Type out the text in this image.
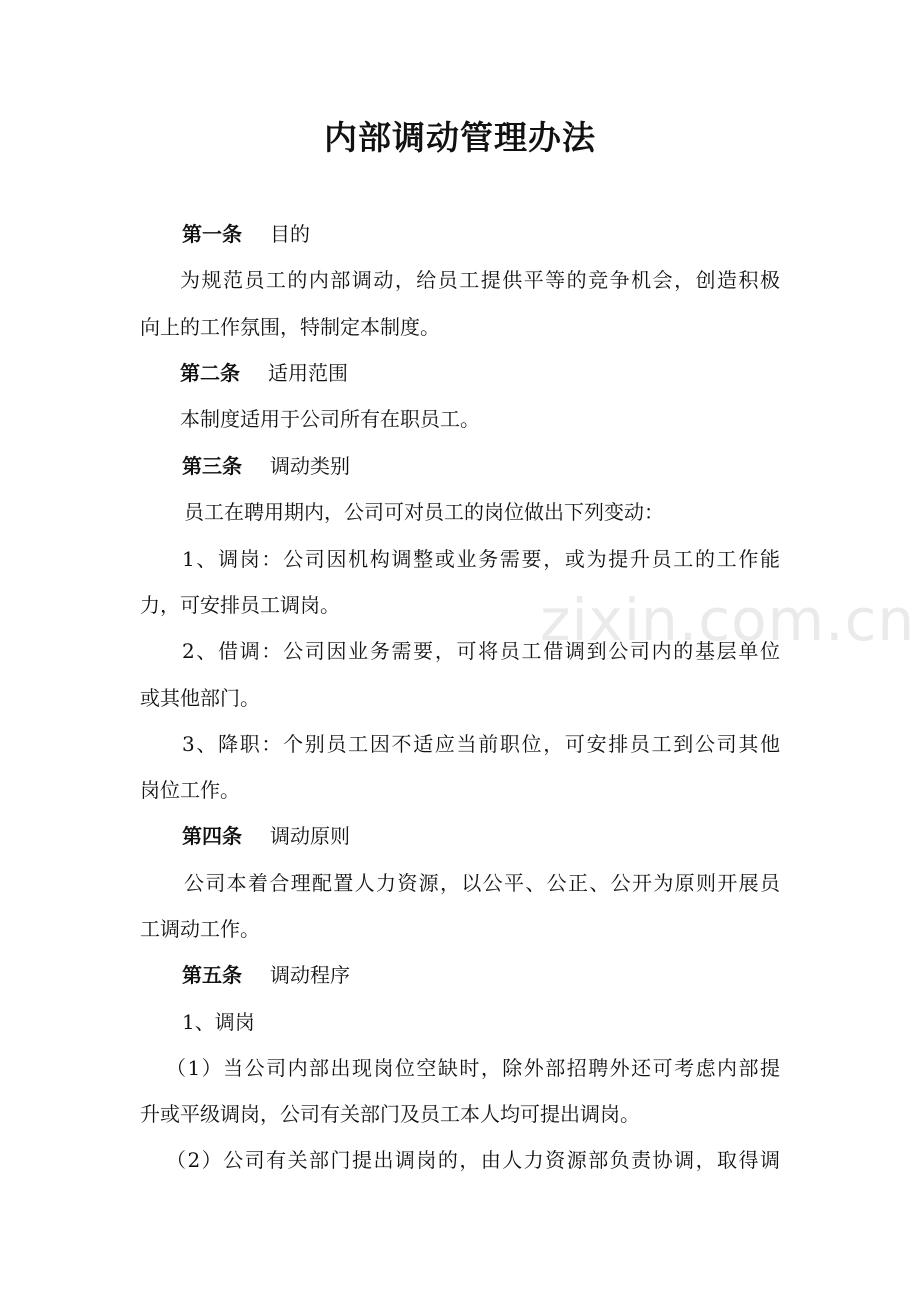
zixin.com.cn
内部调动管理办法
第一条 目的
为规范员工的内部调动，给员工提供平等的竞争机会，创造积极
向上的工作氛围，特制定本制度。
第二条 适用范围
本制度适用于公司所有在职员工。
第三条 调动类别
员工在聘用期内，公司可对员工的岗位做出下列变动：
1、调岗：公司因机构调整或业务需要，或为提升员工的工作能
力，可安排员工调岗。
2、借调：公司因业务需要，可将员工借调到公司内的基层单位
或其他部门。
3、降职：个别员工因不适应当前职位，可安排员工到公司其他
岗位工作。
第四条 调动原则
公司本着合理配置人力资源，以公平、公正、公开为原则开展员
工调动工作。
第五条 调动程序
1、调岗
（1）当公司内部出现岗位空缺时，除外部招聘外还可考虑内部提
升或平级调岗，公司有关部门及员工本人均可提出调岗。
（2）公司有关部门提出调岗的，由人力资源部负责协调，取得调
